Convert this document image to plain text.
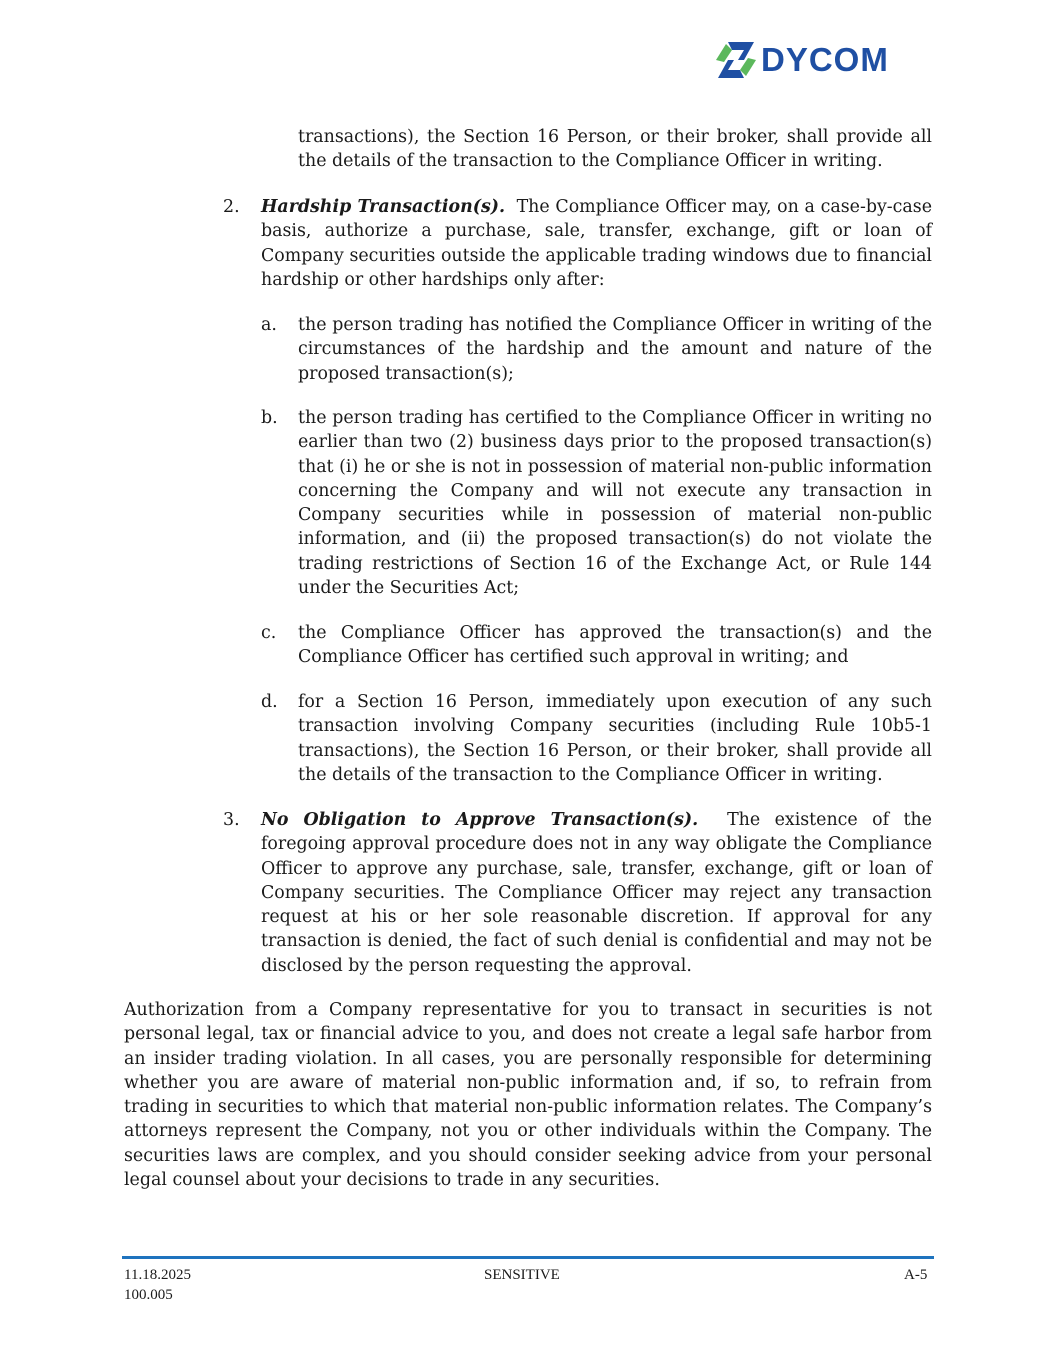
DYCOM

transactions), the Section 16 Person, or their broker, shall provide all the details of the transaction to the Compliance Officer in writing.

2. Hardship Transaction(s). The Compliance Officer may, on a case-by-case basis, authorize a purchase, sale, transfer, exchange, gift or loan of Company securities outside the applicable trading windows due to financial hardship or other hardships only after:

a. the person trading has notified the Compliance Officer in writing of the circumstances of the hardship and the amount and nature of the proposed transaction(s);

b. the person trading has certified to the Compliance Officer in writing no earlier than two (2) business days prior to the proposed transaction(s) that (i) he or she is not in possession of material non-public information concerning the Company and will not execute any transaction in Company securities while in possession of material non-public information, and (ii) the proposed transaction(s) do not violate the trading restrictions of Section 16 of the Exchange Act, or Rule 144 under the Securities Act;

c. the Compliance Officer has approved the transaction(s) and the Compliance Officer has certified such approval in writing; and

d. for a Section 16 Person, immediately upon execution of any such transaction involving Company securities (including Rule 10b5-1 transactions), the Section 16 Person, or their broker, shall provide all the details of the transaction to the Compliance Officer in writing.

3. No Obligation to Approve Transaction(s). The existence of the foregoing approval procedure does not in any way obligate the Compliance Officer to approve any purchase, sale, transfer, exchange, gift or loan of Company securities. The Compliance Officer may reject any transaction request at his or her sole reasonable discretion. If approval for any transaction is denied, the fact of such denial is confidential and may not be disclosed by the person requesting the approval.

Authorization from a Company representative for you to transact in securities is not personal legal, tax or financial advice to you, and does not create a legal safe harbor from an insider trading violation. In all cases, you are personally responsible for determining whether you are aware of material non-public information and, if so, to refrain from trading in securities to which that material non-public information relates. The Company’s attorneys represent the Company, not you or other individuals within the Company. The securities laws are complex, and you should consider seeking advice from your personal legal counsel about your decisions to trade in any securities.

11.18.2025
100.005
SENSITIVE	A-5
